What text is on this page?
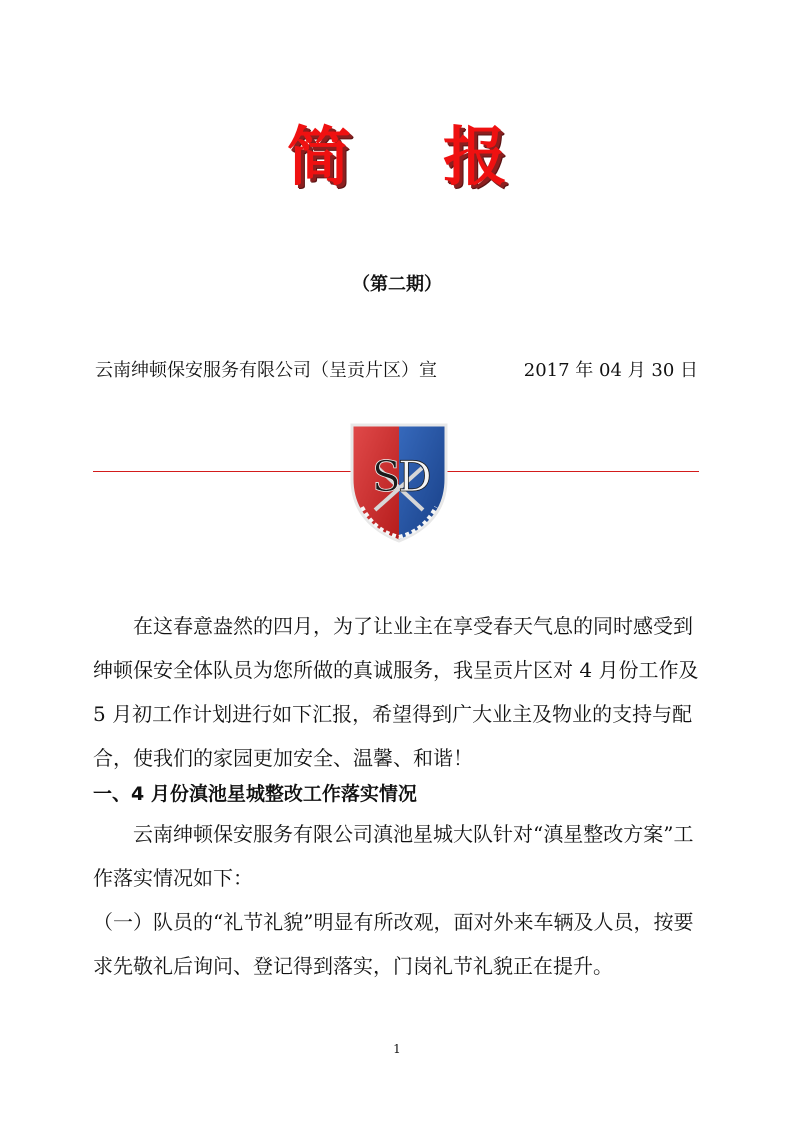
简报
（第二期）
云南绅顿保安服务有限公司（呈贡片区）宣	2017 年 04 月 30 日
S
D
在这春意盎然的四月，为了让业主在享受春天气息的同时感受到绅顿保安全体队员为您所做的真诚服务，我呈贡片区对 4 月份工作及 5 月初工作计划进行如下汇报，希望得到广大业主及物业的支持与配合，使我们的家园更加安全、温馨、和谐！
一、4 月份滇池星城整改工作落实情况
云南绅顿保安服务有限公司滇池星城大队针对“滇星整改方案”工作落实情况如下：
（一）队员的“礼节礼貌”明显有所改观，面对外来车辆及人员，按要求先敬礼后询问、登记得到落实，门岗礼节礼貌正在提升。
1
